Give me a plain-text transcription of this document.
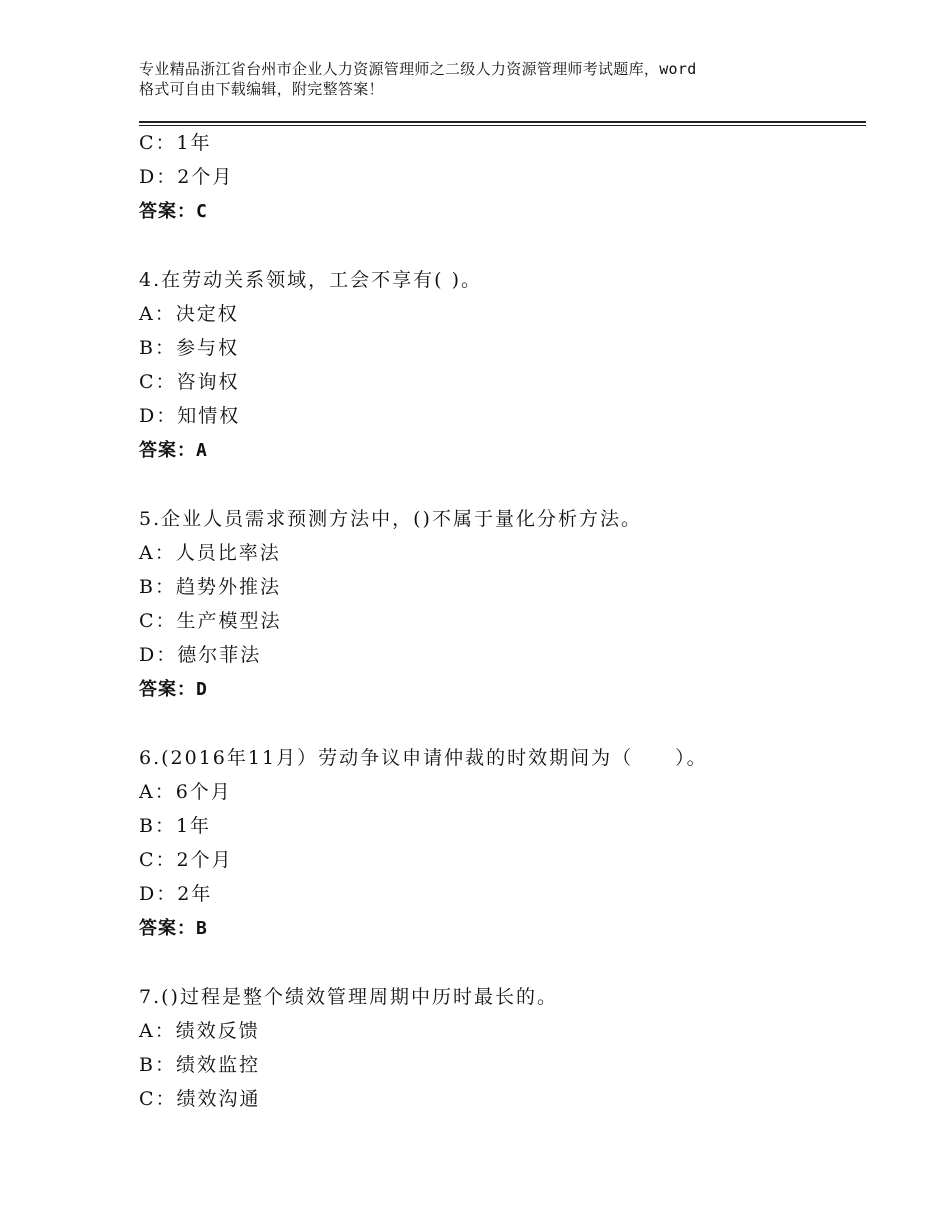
专业精品浙江省台州市企业人力资源管理师之二级人力资源管理师考试题库，word
格式可自由下载编辑，附完整答案！
C：1年
D：2个月
答案：C
4.在劳动关系领域，工会不享有( )。
A：决定权
B：参与权
C：咨询权
D：知情权
答案：A
5.企业人员需求预测方法中，()不属于量化分析方法。
A：人员比率法
B：趋势外推法
C：生产模型法
D：德尔菲法
答案：D
6.(2016年11月）劳动争议申请仲裁的时效期间为（　　）。
A：6个月
B：1年
C：2个月
D：2年
答案：B
7.()过程是整个绩效管理周期中历时最长的。
A：绩效反馈
B：绩效监控
C：绩效沟通
